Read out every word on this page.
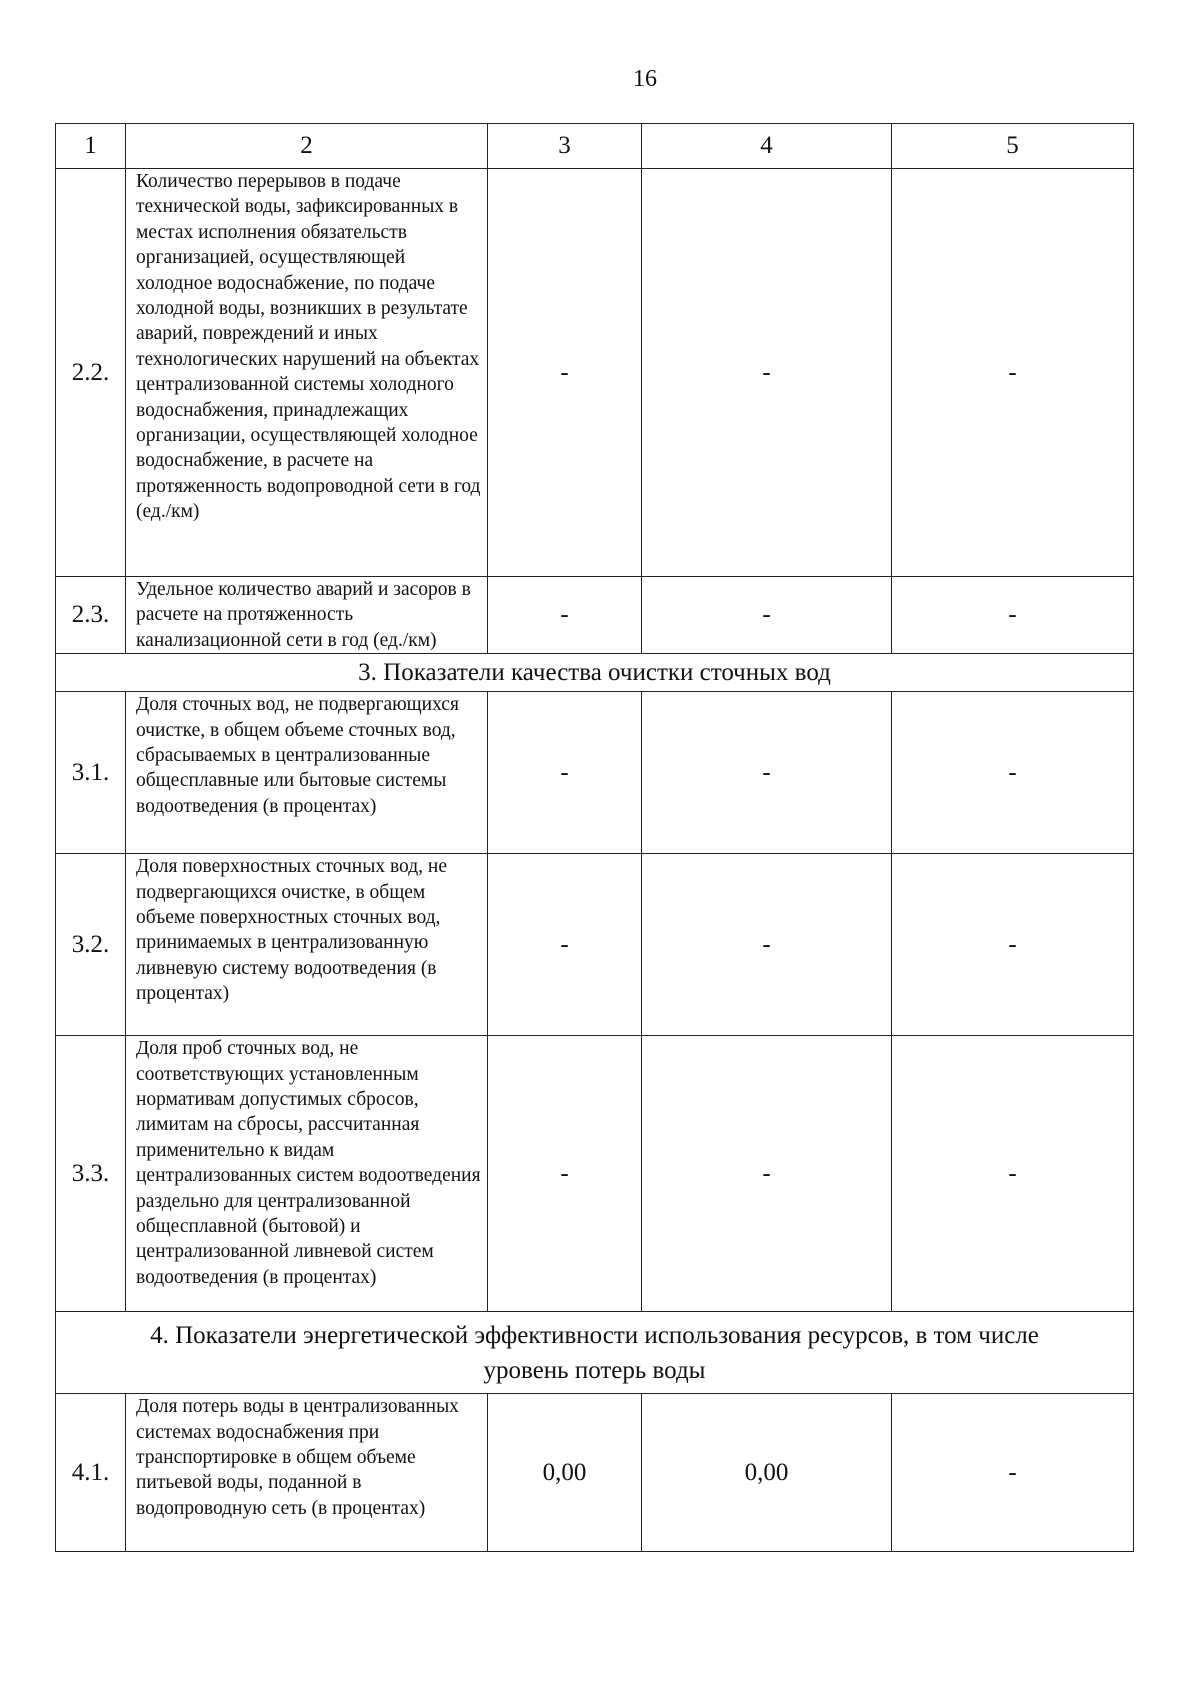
16
1	2	3	4	5
2.2.	Количество перерывов в подаче технической воды, зафиксированных в местах исполнения обязательств организацией, осуществляющей холодное водоснабжение, по подаче холодной воды, возникших в результате аварий, повреждений и иных технологических нарушений на объектах централизованной системы холодного водоснабжения, принадлежащих организации, осуществляющей холодное водоснабжение, в расчете на протяженность водопроводной сети в год (ед./км)	-	-	-
2.3.	Удельное количество аварий и засоров в расчете на протяженность канализационной сети в год (ед./км)	-	-	-
3. Показатели качества очистки сточных вод				
3.1.	Доля сточных вод, не подвергающихся очистке, в общем объеме сточных вод, сбрасываемых в централизованные общесплавные или бытовые системы водоотведения (в процентах)	-	-	-
3.2.	Доля поверхностных сточных вод, не подвергающихся очистке, в общем объеме поверхностных сточных вод, принимаемых в централизованную ливневую систему водоотведения (в процентах)	-	-	-
3.3.	Доля проб сточных вод, не соответствующих установленным нормативам допустимых сбросов, лимитам на сбросы, рассчитанная применительно к видам централизованных систем водоотведения раздельно для централизованной общесплавной (бытовой) и централизованной ливневой систем водоотведения (в процентах)	-	-	-
4. Показатели энергетической эффективности использования ресурсов, в том числе уровень потерь воды				
4.1.	Доля потерь воды в централизованных системах водоснабжения при транспортировке в общем объеме питьевой воды, поданной в водопроводную сеть (в процентах)	0,00	0,00	-
